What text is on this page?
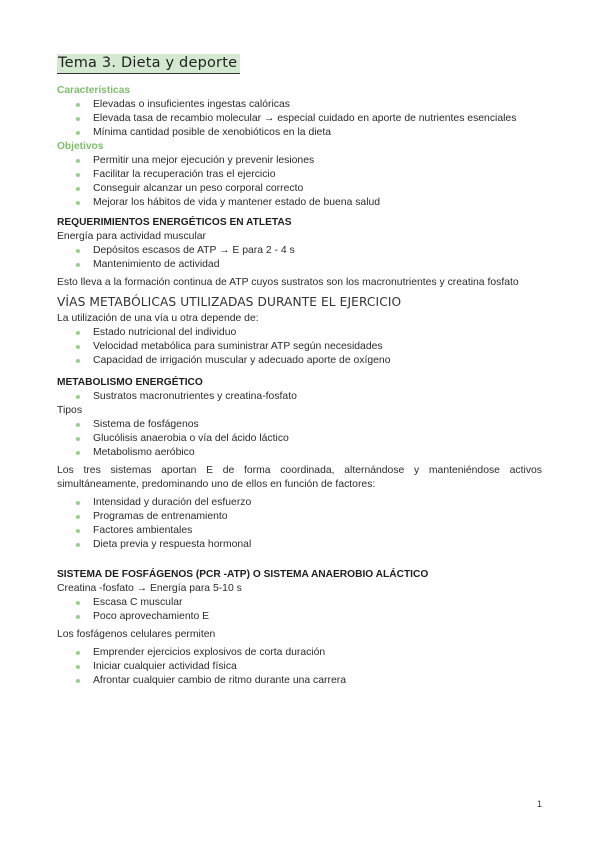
Tema 3. Dieta y deporte
Características
Elevadas o insuficientes ingestas calóricas
Elevada tasa de recambio molecular → especial cuidado en aporte de nutrientes esenciales
Mínima cantidad posible de xenobióticos en la dieta
Objetivos
Permitir una mejor ejecución y prevenir lesiones
Facilitar la recuperación tras el ejercicio
Conseguir alcanzar un peso corporal correcto
Mejorar los hábitos de vida y mantener estado de buena salud
REQUERIMIENTOS ENERGÉTICOS EN ATLETAS
Energía para actividad muscular
Depósitos escasos de ATP → E para 2 - 4 s
Mantenimiento de actividad
Esto lleva a la formación continua de ATP cuyos sustratos son los macronutrientes y creatina fosfato
VÍAS METABÓLICAS UTILIZADAS DURANTE EL EJERCICIO
La utilización de una vía u otra depende de:
Estado nutricional del individuo
Velocidad metabólica para suministrar ATP según necesidades
Capacidad de irrigación muscular y adecuado aporte de oxígeno
METABOLISMO ENERGÉTICO
Sustratos macronutrientes y creatina-fosfato
Tipos
Sistema de fosfágenos
Glucólisis anaerobia o vía del ácido láctico
Metabolismo aeróbico
Los tres sistemas aportan E de forma coordinada, alternándose y manteniéndose activos simultáneamente, predominando uno de ellos en función de factores:
Intensidad y duración del esfuerzo
Programas de entrenamiento
Factores ambientales
Dieta previa y respuesta hormonal
SISTEMA DE FOSFÁGENOS (PCR -ATP) O SISTEMA ANAEROBIO ALÁCTICO
Creatina -fosfato → Energía para 5-10 s
Escasa C muscular
Poco aprovechamiento E
Los fosfágenos celulares permiten
Emprender ejercicios explosivos de corta duración
Iniciar cualquier actividad física
Afrontar cualquier cambio de ritmo durante una carrera
1
